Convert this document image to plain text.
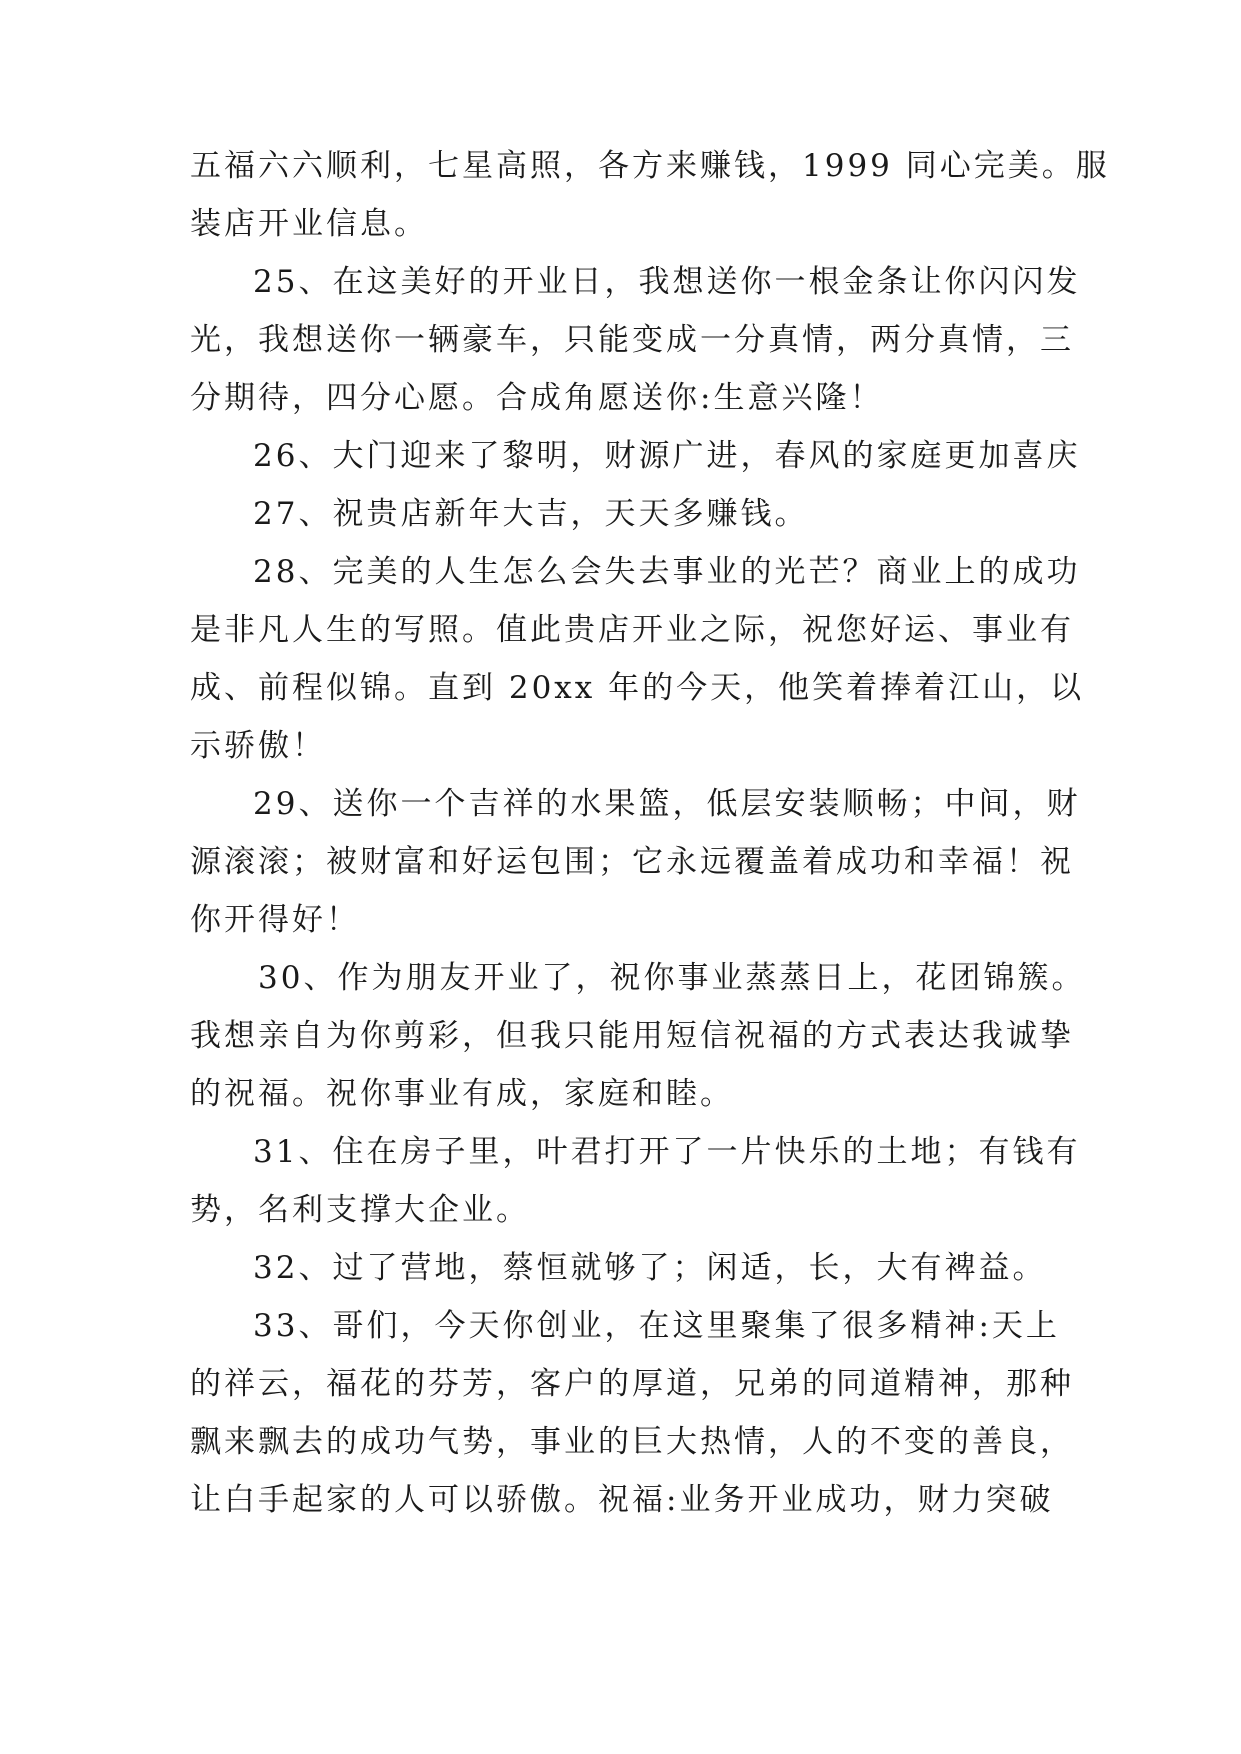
五福六六顺利，七星高照，各方来赚钱，1999 同心完美。服
装店开业信息。
25、在这美好的开业日，我想送你一根金条让你闪闪发
光，我想送你一辆豪车，只能变成一分真情，两分真情，三
分期待，四分心愿。合成角愿送你:生意兴隆！
26、大门迎来了黎明，财源广进，春风的家庭更加喜庆
27、祝贵店新年大吉，天天多赚钱。
28、完美的人生怎么会失去事业的光芒？商业上的成功
是非凡人生的写照。值此贵店开业之际，祝您好运、事业有
成、前程似锦。直到 20xx 年的今天，他笑着捧着江山，以
示骄傲！
29、送你一个吉祥的水果篮，低层安装顺畅；中间，财
源滚滚；被财富和好运包围；它永远覆盖着成功和幸福！祝
你开得好！
30、作为朋友开业了，祝你事业蒸蒸日上，花团锦簇。
我想亲自为你剪彩，但我只能用短信祝福的方式表达我诚挚
的祝福。祝你事业有成，家庭和睦。
31、住在房子里，叶君打开了一片快乐的土地；有钱有
势，名利支撑大企业。
32、过了营地，蔡恒就够了；闲适，长，大有裨益。
33、哥们，今天你创业，在这里聚集了很多精神:天上
的祥云，福花的芬芳，客户的厚道，兄弟的同道精神，那种
飘来飘去的成功气势，事业的巨大热情，人的不变的善良，
让白手起家的人可以骄傲。祝福:业务开业成功，财力突破
